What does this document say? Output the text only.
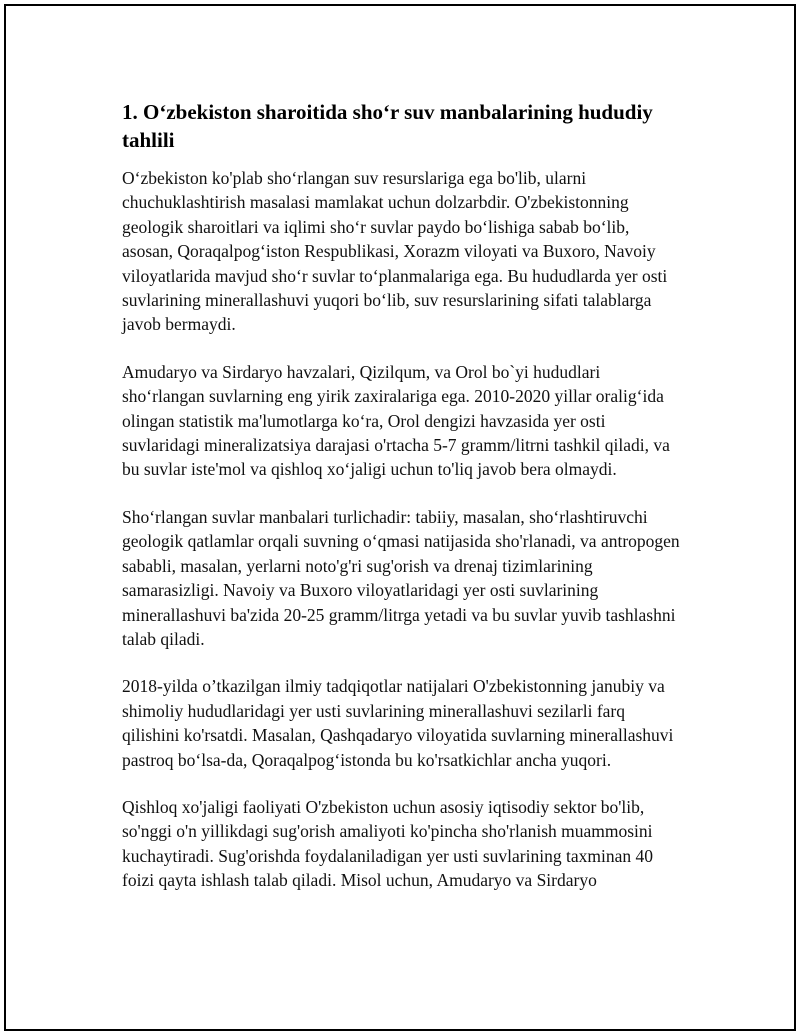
1. Oʻzbekiston sharoitida shoʻr suv manbalarining hududiy tahlili

Oʻzbekiston ko'plab shoʻrlangan suv resurslariga ega bo'lib, ularni chuchuklashtirish masalasi mamlakat uchun dolzarbdir. O'zbekistonning geologik sharoitlari va iqlimi shoʻr suvlar paydo boʻlishiga sabab boʻlib, asosan, Qoraqalpogʻiston Respublikasi, Xorazm viloyati va Buxoro, Navoiy viloyatlarida mavjud shoʻr suvlar toʻplanmalariga ega. Bu hududlarda yer osti suvlarining minerallashuvi yuqori boʻlib, suv resurslarining sifati talablarga javob bermaydi.

Amudaryo va Sirdaryo havzalari, Qizilqum, va Orol bo`yi hududlari shoʻrlangan suvlarning eng yirik zaxiralariga ega. 2010-2020 yillar oraligʻida olingan statistik ma'lumotlarga koʻra, Orol dengizi havzasida yer osti suvlaridagi mineralizatsiya darajasi o'rtacha 5-7 gramm/litrni tashkil qiladi, va bu suvlar iste'mol va qishloq xoʻjaligi uchun to'liq javob bera olmaydi.

Shoʻrlangan suvlar manbalari turlichadir: tabiiy, masalan, shoʻrlashtiruvchi geologik qatlamlar orqali suvning oʻqmasi natijasida sho'rlanadi, va antropogen sababli, masalan, yerlarni noto'g'ri sug'orish va drenaj tizimlarining samarasizligi. Navoiy va Buxoro viloyatlaridagi yer osti suvlarining minerallashuvi ba'zida 20-25 gramm/litrga yetadi va bu suvlar yuvib tashlashni talab qiladi.

2018-yilda o’tkazilgan ilmiy tadqiqotlar natijalari O'zbekistonning janubiy va shimoliy hududlaridagi yer usti suvlarining minerallashuvi sezilarli farq qilishini ko'rsatdi. Masalan, Qashqadaryo viloyatida suvlarning minerallashuvi pastroq boʻlsa-da, Qoraqalpogʻistonda bu ko'rsatkichlar ancha yuqori.

Qishloq xo'jaligi faoliyati O'zbekiston uchun asosiy iqtisodiy sektor bo'lib, so'nggi o'n yillikdagi sug'orish amaliyoti ko'pincha sho'rlanish muammosini kuchaytiradi. Sug'orishda foydalaniladigan yer usti suvlarining taxminan 40 foizi qayta ishlash talab qiladi. Misol uchun, Amudaryo va Sirdaryo
